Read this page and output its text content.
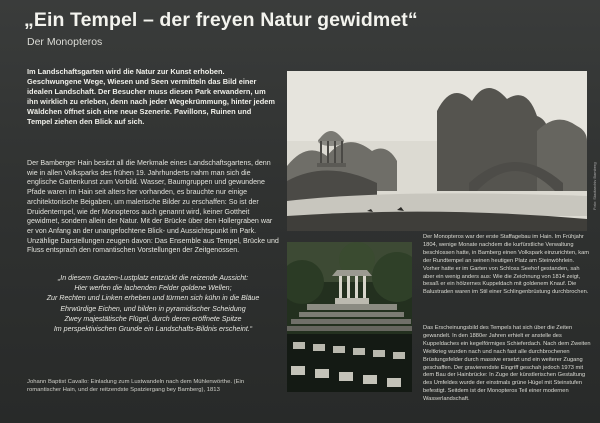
„Ein Tempel – der freyen Natur gewidmet“
Der Monopteros

Im Landschaftsgarten wird die Natur zur Kunst erhoben. Geschwungene Wege, Wiesen und Seen vermitteln das Bild einer idealen Landschaft. Der Besucher muss diesen Park erwandern, um ihn wirklich zu erleben, denn nach jeder Wegekrümmung, hinter jedem Wäldchen öffnet sich eine neue Szenerie. Pavillons, Ruinen und Tempel ziehen den Blick auf sich.

Der Bamberger Hain besitzt all die Merkmale eines Landschaftsgartens, denn wie in allen Volksparks des frühen 19. Jahrhunderts nahm man sich die englische Gartenkunst zum Vorbild. Wasser, Baumgruppen und gewundene Pfade waren im Hain seit alters her vorhanden, es brauchte nur einige architektonische Beigaben, um malerische Bilder zu erschaffen: So ist der Druidentempel, wie der Monopteros auch genannt wird, keiner Gottheit gewidmet, sondern allein der Natur. Mit der Brücke über den Hollergraben war er von Anfang an der unangefochtene Blick- und Aussichtspunkt im Park. Unzählige Darstellungen zeugen davon: Das Ensemble aus Tempel, Brücke und Fluss entsprach den romantischen Vorstellungen der Zeitgenossen.

„In diesem Grazien-Lustplatz entzückt die reizende Aussicht:
Hier werfen die lachenden Felder goldene Wellen;
Zur Rechten und Linken erheben und türmen sich kühn in die Bläue
Ehrwürdige Eichen, und bilden in pyramidischer Scheidung
Zwey majestätische Flügel, durch deren eröffnete Spitze
Im perspektivischen Grunde ein Landschafts-Bildnis erscheint.“

Johann Baptist Cavallo: Einladung zum Lustwandeln nach dem Mühlenwörthe. (Ein romantischer Hain, und der reitzendste Spatziergang bey Bamberg), 1813

Foto: Stadtarchiv Bamberg

Der Monopteros war der erste Staffagebau im Hain. Im Frühjahr 1804, wenige Monate nachdem die kurfürstliche Verwaltung beschlossen hatte, in Bamberg einen Volkspark einzurichten, kam der Rundtempel an seinen heutigen Platz am Steinwöhrlein. Vorher hatte er im Garten von Schloss Seehof gestanden, sah aber ein wenig anders aus: Wie die Zeichnung von 1814 zeigt, besaß er ein hölzernes Kuppeldach mit goldenem Knauf. Die Balustraden waren im Stil einer Schlingenbrüstung durchbrochen.

Das Erscheinungsbild des Tempels hat sich über die Zeiten gewandelt. In den 1880er Jahren erhielt er anstelle des Kuppeldaches ein kegelförmiges Schieferdach. Nach dem Zweiten Weltkrieg wurden nach und nach fast alle durchbrochenen Brüstungsfelder durch massive ersetzt und ein weiterer Zugang geschaffen. Der gravierendste Eingriff geschah jedoch 1973 mit dem Bau der Hainbrücke: In Zuge der künstlerischen Gestaltung des Umfeldes wurde der einstmals grüne Hügel mit Steinstufen befestigt. Seitdem ist der Monopteros Teil einer modernen Wasserlandschaft.
